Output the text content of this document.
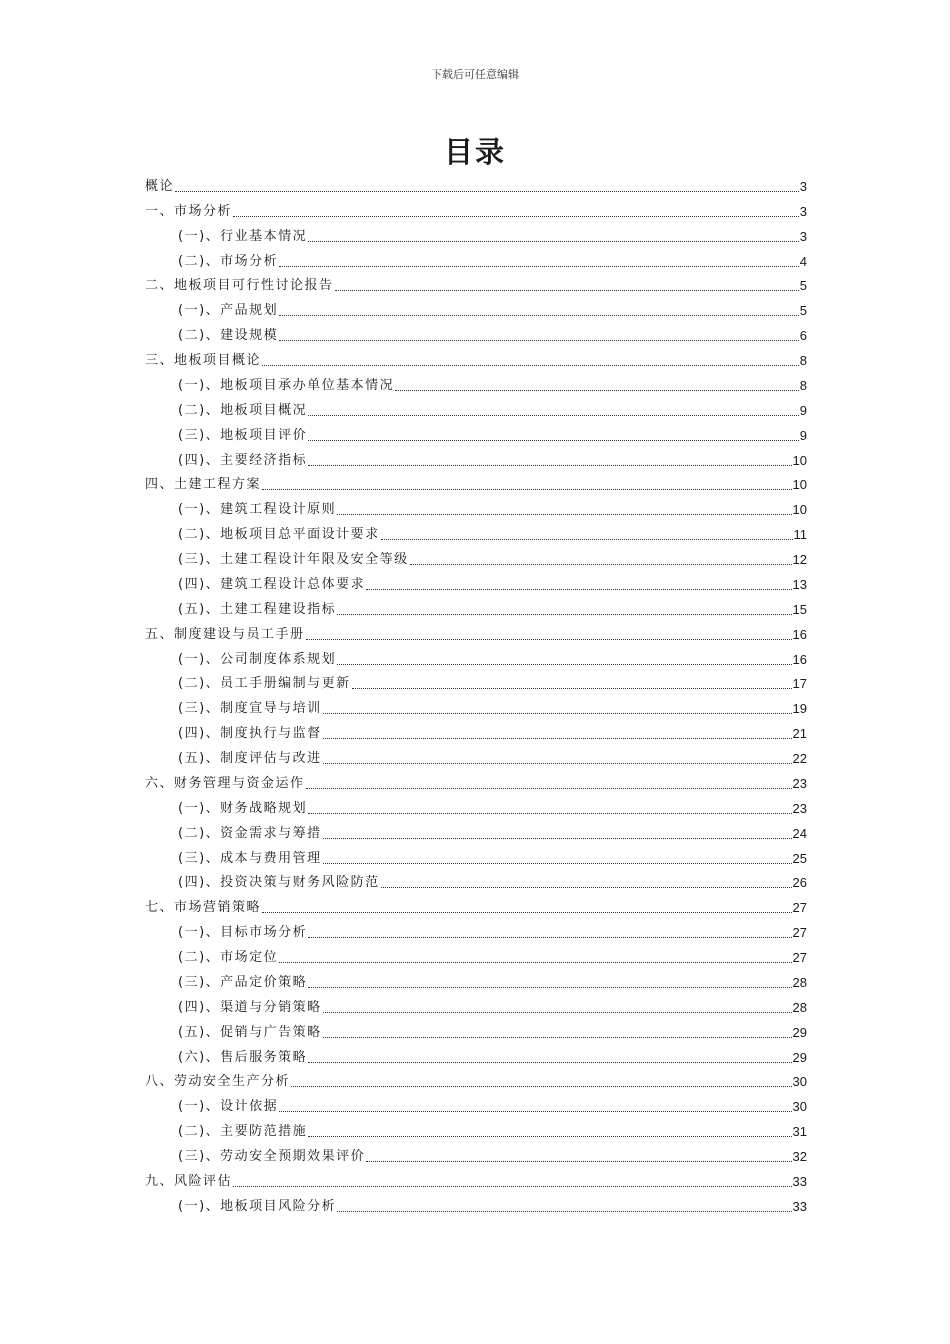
下载后可任意编辑
目录
概论	3
一、市场分析	3
(一)、行业基本情况	3
(二)、市场分析	4
二、地板项目可行性讨论报告	5
(一)、产品规划	5
(二)、建设规模	6
三、地板项目概论	8
(一)、地板项目承办单位基本情况	8
(二)、地板项目概况	9
(三)、地板项目评价	9
(四)、主要经济指标	10
四、土建工程方案	10
(一)、建筑工程设计原则	10
(二)、地板项目总平面设计要求	11
(三)、土建工程设计年限及安全等级	12
(四)、建筑工程设计总体要求	13
(五)、土建工程建设指标	15
五、制度建设与员工手册	16
(一)、公司制度体系规划	16
(二)、员工手册编制与更新	17
(三)、制度宣导与培训	19
(四)、制度执行与监督	21
(五)、制度评估与改进	22
六、财务管理与资金运作	23
(一)、财务战略规划	23
(二)、资金需求与筹措	24
(三)、成本与费用管理	25
(四)、投资决策与财务风险防范	26
七、市场营销策略	27
(一)、目标市场分析	27
(二)、市场定位	27
(三)、产品定价策略	28
(四)、渠道与分销策略	28
(五)、促销与广告策略	29
(六)、售后服务策略	29
八、劳动安全生产分析	30
(一)、设计依据	30
(二)、主要防范措施	31
(三)、劳动安全预期效果评价	32
九、风险评估	33
(一)、地板项目风险分析	33
